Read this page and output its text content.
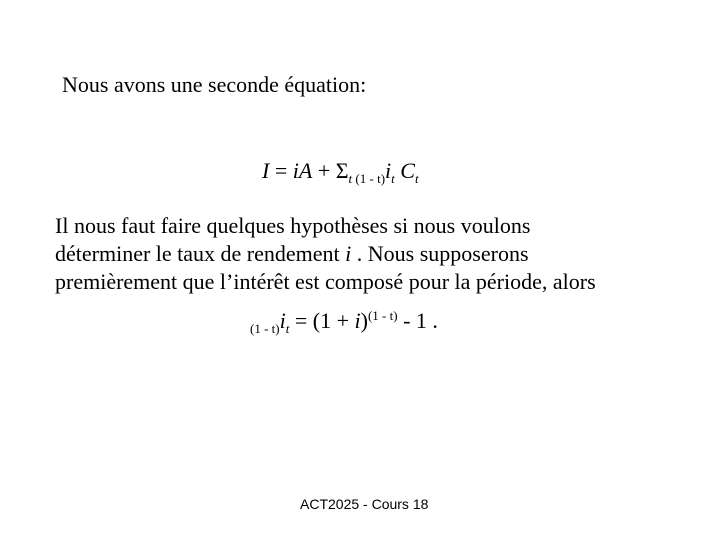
Nous avons une seconde équation:
I = iA + $\Sigma_t$ $_{(1 - t)}i_t$ $C_t$
Il nous faut faire quelques hypothèses si nous voulons
déterminer le taux de rendement i . Nous supposerons
premièrement que l’intérêt est composé pour la période, alors
$_{(1 - t)}i_t = (1 + i)^{(1 - t)} - 1$ .
ACT2025 - Cours 18
